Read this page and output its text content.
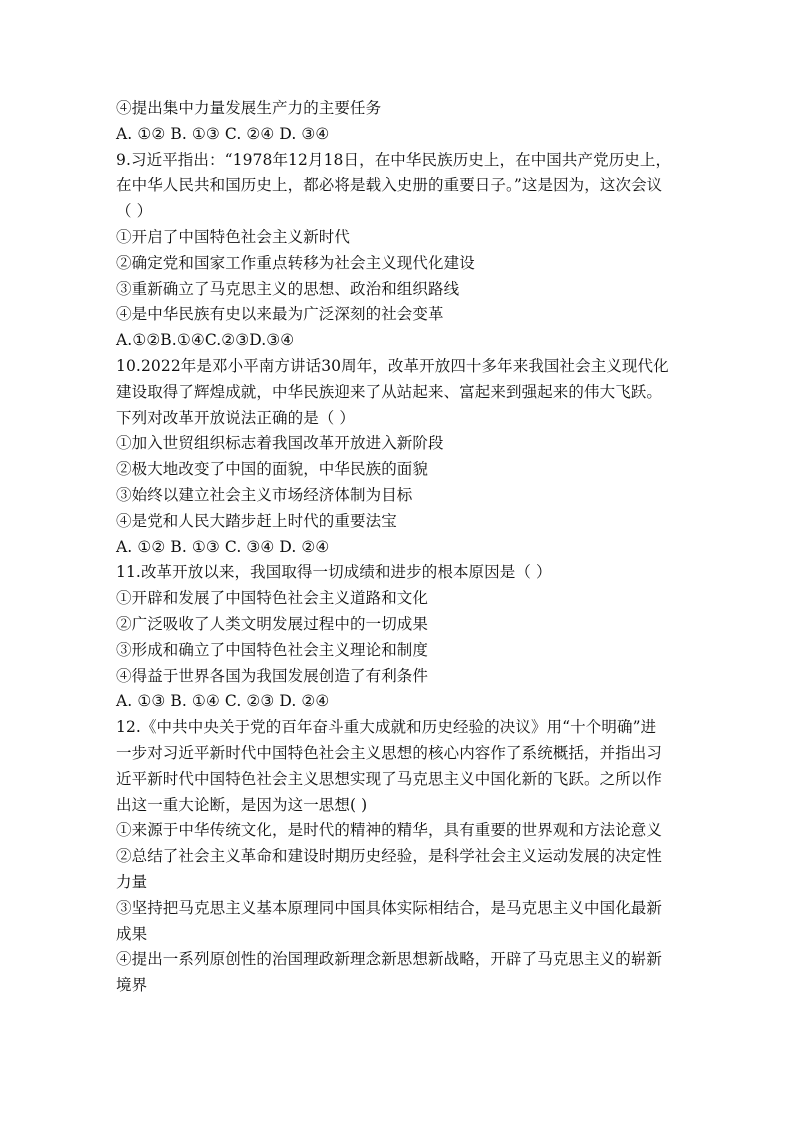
④提出集中力量发展生产力的主要任务
A. ①② B. ①③ C. ②④ D. ③④
9.习近平指出：“1978年12月18日，在中华民族历史上，在中国共产党历史上，
在中华人民共和国历史上，都必将是载入史册的重要日子。”这是因为，这次会议
（ ）
①开启了中国特色社会主义新时代
②确定党和国家工作重点转移为社会主义现代化建设
③重新确立了马克思主义的思想、政治和组织路线
④是中华民族有史以来最为广泛深刻的社会变革
A.①②B.①④C.②③D.③④
10.2022年是邓小平南方讲话30周年，改革开放四十多年来我国社会主义现代化
建设取得了辉煌成就，中华民族迎来了从站起来、富起来到强起来的伟大飞跃。
下列对改革开放说法正确的是（ ）
①加入世贸组织标志着我国改革开放进入新阶段
②极大地改变了中国的面貌，中华民族的面貌
③始终以建立社会主义市场经济体制为目标
④是党和人民大踏步赶上时代的重要法宝
A. ①② B. ①③ C. ③④ D. ②④
11.改革开放以来，我国取得一切成绩和进步的根本原因是（ ）
①开辟和发展了中国特色社会主义道路和文化
②广泛吸收了人类文明发展过程中的一切成果
③形成和确立了中国特色社会主义理论和制度
④得益于世界各国为我国发展创造了有利条件
A. ①③ B. ①④ C. ②③ D. ②④
12.《中共中央关于党的百年奋斗重大成就和历史经验的决议》用“十个明确”进
一步对习近平新时代中国特色社会主义思想的核心内容作了系统概括，并指出习
近平新时代中国特色社会主义思想实现了马克思主义中国化新的飞跃。之所以作
出这一重大论断，是因为这一思想( )
①来源于中华传统文化，是时代的精神的精华，具有重要的世界观和方法论意义
②总结了社会主义革命和建设时期历史经验，是科学社会主义运动发展的决定性
力量
③坚持把马克思主义基本原理同中国具体实际相结合，是马克思主义中国化最新
成果
④提出一系列原创性的治国理政新理念新思想新战略，开辟了马克思主义的崭新
境界
